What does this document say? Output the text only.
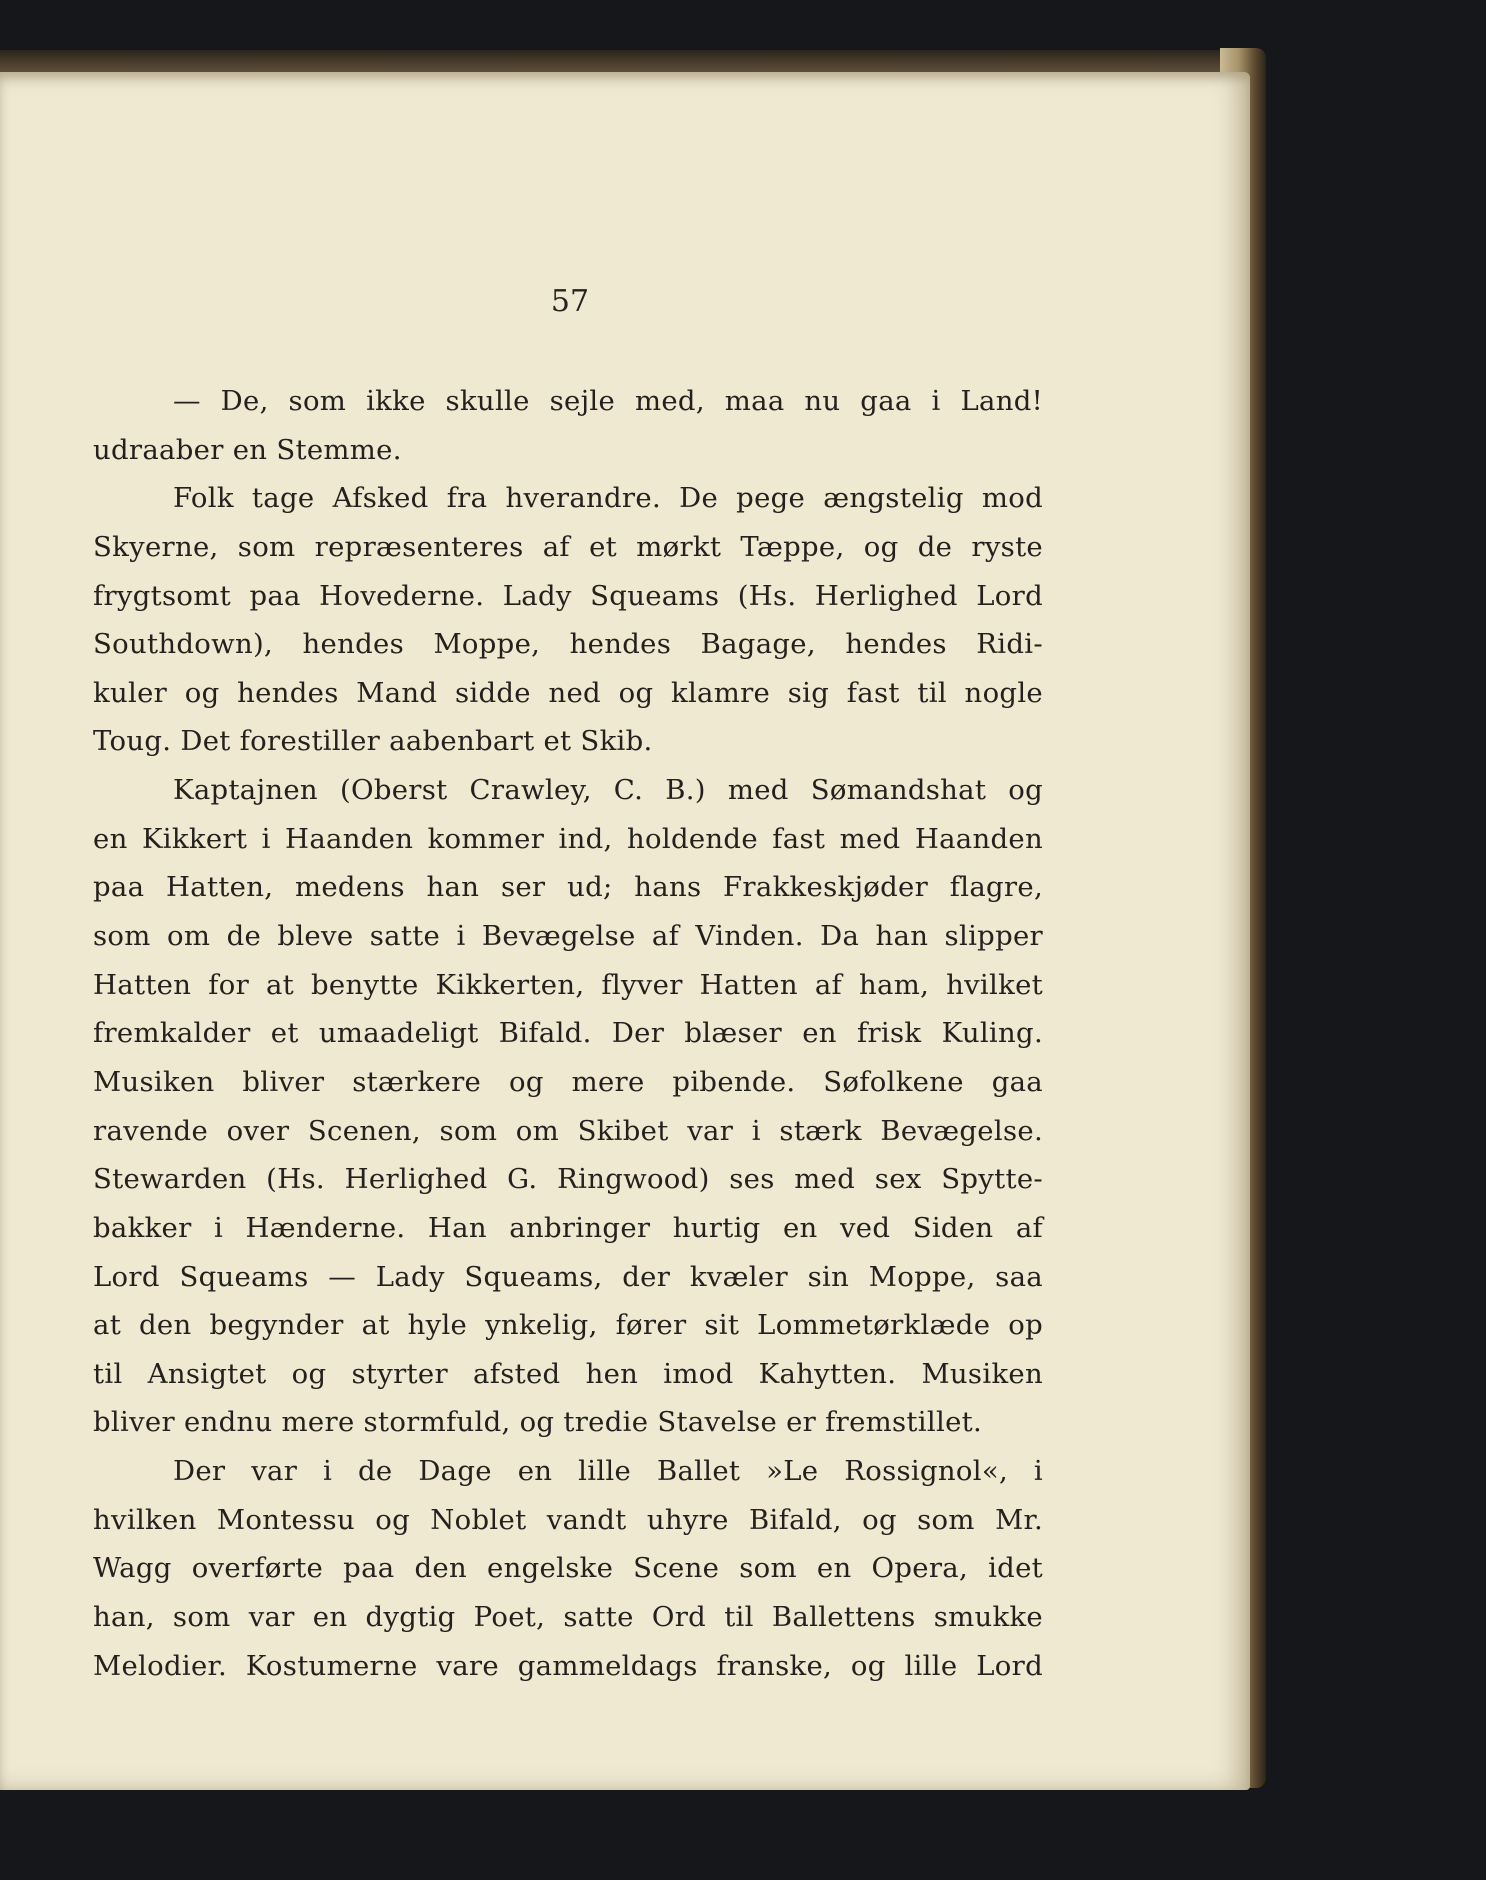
57
— De, som ikke skulle sejle med, maa nu gaa i Land!
udraaber en Stemme.
Folk tage Afsked fra hverandre. De pege ængstelig mod
Skyerne, som repræsenteres af et mørkt Tæppe, og de ryste
frygtsomt paa Hovederne. Lady Squeams (Hs. Herlighed Lord
Southdown), hendes Moppe, hendes Bagage, hendes Ridi-
kuler og hendes Mand sidde ned og klamre sig fast til nogle
Toug. Det forestiller aabenbart et Skib.
Kaptajnen (Oberst Crawley, C. B.) med Sømandshat og
en Kikkert i Haanden kommer ind, holdende fast med Haanden
paa Hatten, medens han ser ud; hans Frakkeskjøder flagre,
som om de bleve satte i Bevægelse af Vinden. Da han slipper
Hatten for at benytte Kikkerten, flyver Hatten af ham, hvilket
fremkalder et umaadeligt Bifald. Der blæser en frisk Kuling.
Musiken bliver stærkere og mere pibende. Søfolkene gaa
ravende over Scenen, som om Skibet var i stærk Bevægelse.
Stewarden (Hs. Herlighed G. Ringwood) ses med sex Spytte-
bakker i Hænderne. Han anbringer hurtig en ved Siden af
Lord Squeams — Lady Squeams, der kvæler sin Moppe, saa
at den begynder at hyle ynkelig, fører sit Lommetørklæde op
til Ansigtet og styrter afsted hen imod Kahytten. Musiken
bliver endnu mere stormfuld, og tredie Stavelse er fremstillet.
Der var i de Dage en lille Ballet »Le Rossignol«, i
hvilken Montessu og Noblet vandt uhyre Bifald, og som Mr.
Wagg overførte paa den engelske Scene som en Opera, idet
han, som var en dygtig Poet, satte Ord til Ballettens smukke
Melodier. Kostumerne vare gammeldags franske, og lille Lord
